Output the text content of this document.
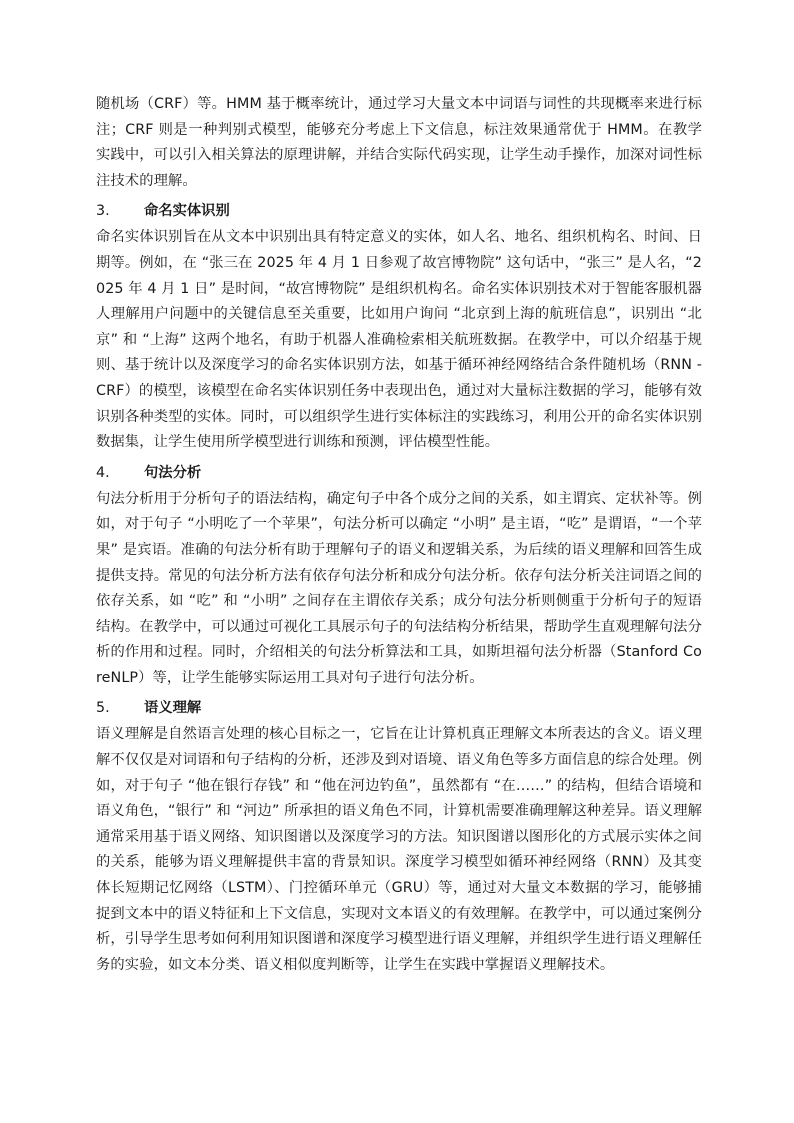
随机场（CRF）等。HMM 基于概率统计，通过学习大量文本中词语与词性的共现概率来进行标注；CRF 则是一种判别式模型，能够充分考虑上下文信息，标注效果通常优于 HMM。在教学实践中，可以引入相关算法的原理讲解，并结合实际代码实现，让学生动手操作，加深对词性标注技术的理解。

3.	命名实体识别

命名实体识别旨在从文本中识别出具有特定意义的实体，如人名、地名、组织机构名、时间、日期等。例如，在 “张三在 2025 年 4 月 1 日参观了故宫博物院” 这句话中，“张三” 是人名，“2025 年 4 月 1 日” 是时间，“故宫博物院” 是组织机构名。命名实体识别技术对于智能客服机器人理解用户问题中的关键信息至关重要，比如用户询问 “北京到上海的航班信息”，识别出 “北京” 和 “上海” 这两个地名，有助于机器人准确检索相关航班数据。在教学中，可以介绍基于规则、基于统计以及深度学习的命名实体识别方法，如基于循环神经网络结合条件随机场（RNN - CRF）的模型，该模型在命名实体识别任务中表现出色，通过对大量标注数据的学习，能够有效识别各种类型的实体。同时，可以组织学生进行实体标注的实践练习，利用公开的命名实体识别数据集，让学生使用所学模型进行训练和预测，评估模型性能。

4.	句法分析

句法分析用于分析句子的语法结构，确定句子中各个成分之间的关系，如主谓宾、定状补等。例如，对于句子 “小明吃了一个苹果”，句法分析可以确定 “小明” 是主语，“吃” 是谓语，“一个苹果” 是宾语。准确的句法分析有助于理解句子的语义和逻辑关系，为后续的语义理解和回答生成提供支持。常见的句法分析方法有依存句法分析和成分句法分析。依存句法分析关注词语之间的依存关系，如 “吃” 和 “小明” 之间存在主谓依存关系；成分句法分析则侧重于分析句子的短语结构。在教学中，可以通过可视化工具展示句子的句法结构分析结果，帮助学生直观理解句法分析的作用和过程。同时，介绍相关的句法分析算法和工具，如斯坦福句法分析器（Stanford CoreNLP）等，让学生能够实际运用工具对句子进行句法分析。

5.	语义理解

语义理解是自然语言处理的核心目标之一，它旨在让计算机真正理解文本所表达的含义。语义理解不仅仅是对词语和句子结构的分析，还涉及到对语境、语义角色等多方面信息的综合处理。例如，对于句子 “他在银行存钱” 和 “他在河边钓鱼”，虽然都有 “在……” 的结构，但结合语境和语义角色，“银行” 和 “河边” 所承担的语义角色不同，计算机需要准确理解这种差异。语义理解通常采用基于语义网络、知识图谱以及深度学习的方法。知识图谱以图形化的方式展示实体之间的关系，能够为语义理解提供丰富的背景知识。深度学习模型如循环神经网络（RNN）及其变体长短期记忆网络（LSTM）、门控循环单元（GRU）等，通过对大量文本数据的学习，能够捕捉到文本中的语义特征和上下文信息，实现对文本语义的有效理解。在教学中，可以通过案例分析，引导学生思考如何利用知识图谱和深度学习模型进行语义理解，并组织学生进行语义理解任务的实验，如文本分类、语义相似度判断等，让学生在实践中掌握语义理解技术。
